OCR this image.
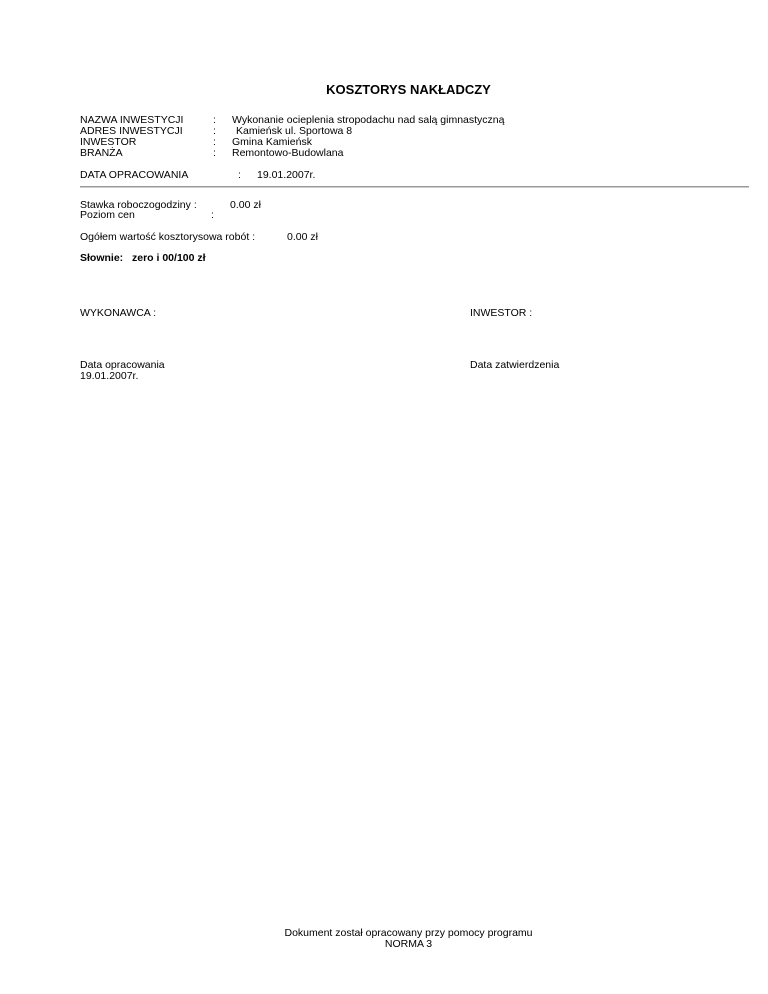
KOSZTORYS NAKŁADCZY
NAZWA INWESTYCJI	: Wykonanie ocieplenia stropodachu nad salą gimnastyczną
ADRES INWESTYCJI	: Kamieńsk ul. Sportowa 8
INWESTOR	: Gmina Kamieńsk
BRANŻA	: Remontowo-Budowlana
DATA OPRACOWANIA	: 19.01.2007r.
Stawka roboczogodziny :	0.00 zł
Poziom cen	:
Ogółem wartość kosztorysowa robót :	0.00 zł
Słownie: zero i 00/100 zł
WYKONAWCA :	INWESTOR :
Data opracowania
19.01.2007r.
Data zatwierdzenia
Dokument został opracowany przy pomocy programu
NORMA 3
